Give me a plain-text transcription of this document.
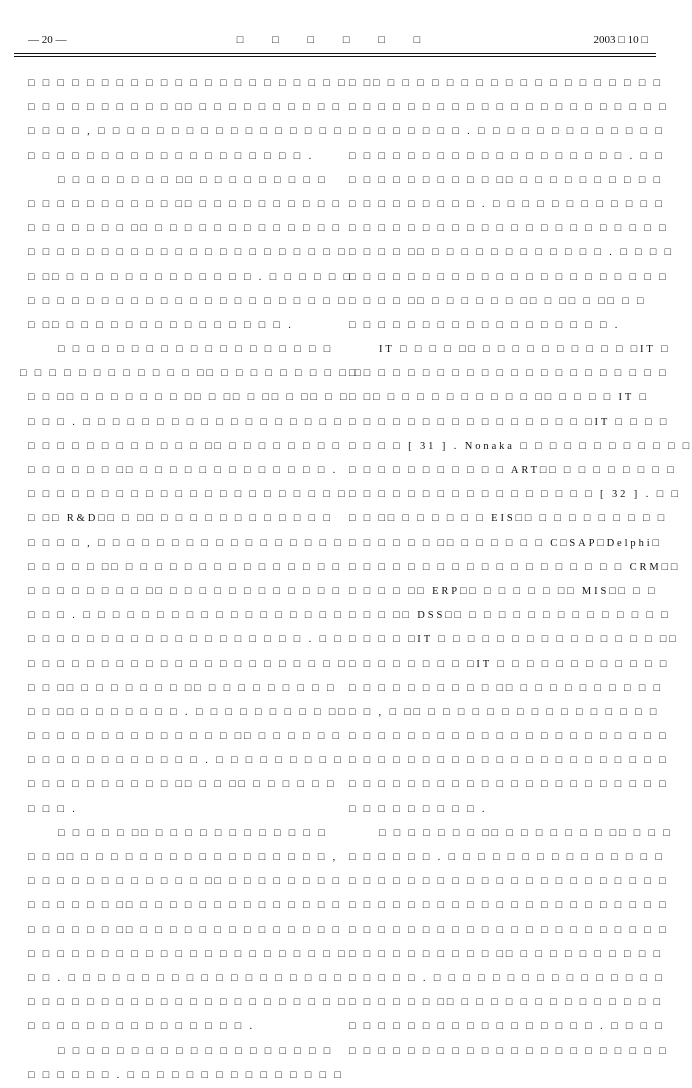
— 20 —	□ □ □ □ □ □	2003 □ 10 □
□ □ □ □ □ □ □ □ □ □ □ □ □ □ □ □ □ □ □ □ □ □
□ □ □ □ □ □ □ □ □ □ □□ □ □ □ □ □ □ □ □ □ □
□ □ □ □ , □ □ □ □ □ □ □ □ □ □ □ □ □ □ □ □ □
□ □ □ □ □ □ □ □ □ □ □ □ □ □ □ □ □ □ □ .
□ □ □ □ □ □ □ □ □□ □ □ □ □ □ □ □ □ □
□ □ □ □ □ □ □ □ □ □ □□ □ □ □ □ □ □ □ □ □ □
□ □ □ □ □ □ □ □□ □ □ □ □ □ □ □ □ □ □ □ □ □
□ □ □ □ □ □ □ □ □ □ □ □ □ □ □ □ □ □ □ □ □ □
□ □□ □ □ □ □ □ □ □ □ □ □ □ □ □ . □ □ □ □ □ □
□ □ □ □ □ □ □ □ □ □ □ □ □ □ □ □ □ □ □ □ □ □
□ □□ □ □ □ □ □ □ □ □ □ □ □ □ □ □ □ .
□ □ □ □ □ □ □ □ □ □ □ □ □ □ □ □ □ □ □
□ □ □ □ □ □ □ □ □ □ □ □ □□ □ □ □ □ □ □ □ □ □ □
□ □ □□ □ □ □ □ □ □ □ □□ □ □□ □ □□ □ □□ □ □
□ □ □ . □ □ □ □ □ □ □ □ □ □ □ □ □ □ □ □ □ □
□ □ □ □ □ □ □ □ □ □ □ □ □□ □ □ □ □ □ □ □ □
□ □ □ □ □ □ □□ □ □ □ □ □ □ □ □ □ □ □ □ □ .
□ □ □ □ □ □ □ □ □ □ □ □ □ □ □ □ □ □ □ □ □ □
□ □□ R&D□□ □ □□ □ □ □ □ □ □ □ □ □ □ □ □
□ □ □ □ , □ □ □ □ □ □ □ □ □ □ □ □ □ □ □ □ □
□ □ □ □ □ □□ □ □ □ □ □ □ □ □ □ □ □ □ □ □ □
□ □ □ □ □ □ □ □ □□ □ □ □ □ □ □ □ □ □ □ □ □
□ □ □ . □ □ □ □ □ □ □ □ □ □ □ □ □ □ □ □ □ □
□ □ □ □ □ □ □ □ □ □ □ □ □ □ □ □ □ □ □ . □ □
□ □ □ □ □ □ □ □ □ □ □ □ □ □ □ □ □ □ □ □ □ □
□ □ □□ □ □ □ □ □ □ □ □□ □ □ □ □ □ □ □ □ □
□ □ □□ □ □ □ □ □ □ □ . □ □ □ □ □ □ □ □ □ □□
□ □ □ □ □ □ □ □ □ □ □ □ □ □ □□ □ □ □ □ □ □
□ □ □ □ □ □ □ □ □ □ □ □ . □ □ □ □ □ □ □ □ □
□ □ □ □ □ □ □ □ □ □ □□ □ □ □□ □ □ □ □ □ □
□ □ □ .
□ □ □ □ □ □□ □ □ □ □ □ □ □ □ □ □ □ □
□ □ □□ □ □ □ □ □ □ □ □ □ □ □ □ □ □ □ □ □ ,
□ □ □ □ □ □ □ □ □ □ □ □ □□ □ □ □ □ □ □ □ □
□ □ □ □ □ □ □□ □ □ □ □ □ □ □ □ □ □ □ □ □ □
□ □ □ □ □ □ □□ □ □ □ □ □ □ □ □ □ □ □ □ □ □
□ □ □ □ □ □ □ □ □ □ □ □ □ □ □ □ □ □ □ □ □ □
□ □ . □ □ □ □ □ □ □ □ □ □ □ □ □ □ □ □ □ □ □
□ □ □ □ □ □ □ □ □ □ □ □ □ □ □ □ □ □ □ □ □ □
□ □ □ □ □ □ □ □ □ □ □ □ □ □ □ .
□ □ □ □ □ □ □ □ □ □ □ □ □ □ □ □ □ □ □
□ □ □ □ □ □ . □ □ □ □ □ □ □ □ □ □ □ □ □ □ □
□ □□ □ □ □ □ □ □ □ □ □ □ □ □ □ □ □ □ □ □ □
□ □ □ □ □ □ □ □ □ □ □ □ □ □ □ □ □ □ □ □ □ □
□ □ □ □ □ □ □ □ . □ □ □ □ □ □ □ □ □ □ □ □ □
□ □ □ □ □ □ □ □ □ □ □ □ □ □ □ □ □ □ □ . □ □
□ □ □ □ □ □ □ □ □ □ □□ □ □ □ □ □ □ □ □ □ □
□ □ □ □ □ □ □ □ □ . □ □ □ □ □ □ □ □ □ □ □ □
□ □ □ □ □ □ □ □ □ □ □ □ □ □ □ □ □ □ □ □ □ □
□ □ □ □ □□ □ □ □ □ □ □ □ □ □ □ □ □ . □ □ □ □
□ □ □ □ □ □ □ □ □ □ □ □ □ □ □ □ □ □ □ □ □ □
□ □ □ □ □□ □ □ □ □ □ □ □□ □ □□ □ □□ □ □
□ □ □ □ □ □ □ □ □ □ □ □ □ □ □ □ □ □ .
IT □ □ □ □ □□ □ □ □ □ □ □ □ □ □ □ □IT □
□ □ □ □ □ □ □ □ □ □ □ □ □ □ □ □ □ □ □ □ □ □
□ □□ □ □ □ □ □ □ □ □ □ □ □□ □ □ □ □ IT □
□ □ □ □ □ □ □ □ □ □ □ □ □ □ □ □ □IT □ □ □ □
□ □ □ □ [ 31 ] . Nonaka □ □ □ □ □ □ □ □ □ □ □ □
□ □ □ □ □ □ □ □ □ □ □ ART□□ □ □ □ □ □ □ □ □
□ □ □ □ □ □ □ □ □ □ □ □ □ □ □ □ □ [ 32 ] . □ □
□ □ □□ □ □ □ □ □ □ EIS□□ □ □ □ □ □ □ □ □ □
□ □ □ □ □ □ □□ □ □ □ □ □ □ C□SAP□Delphi□
□ □ □ □ □ □ □ □ □ □ □ □ □ □ □ □ □ □ □ CRM□□
□ □ □ □ □□ ERP□□ □ □ □ □ □ □□ MIS□□ □ □
□ □ □ □□ DSS□□ □ □ □ □ □ □ □ □ □ □ □ □ □ □
□ □ □ □ □IT □ □ □ □ □ □ □ □ □ □ □ □ □ □ □ □□
□ □ □ □ □ □ □ □ □IT □ □ □ □ □ □ □ □ □ □ □ □
□ □ □ □ □ □ □ □ □ □ □□ □ □ □ □ □ □ □ □ □ □
□ □ , □ □□ □ □ □ □ □ □ □ □ □ □ □ □ □ □ □ □
□ □ □ □ □ □ □ □ □ □ □ □ □ □ □ □ □ □ □ □ □ □
□ □ □ □ □ □ □ □ □ □ □ □ □ □ □ □ □ □ □ □ □ □
□ □ □ □ □ □ □ □ □ □ □ □ □ □ □ □ □ □ □ □ □ □
□ □ □ □ □ □ □ □ □ .
□ □ □ □ □ □ □ □□ □ □ □ □ □ □ □ □□ □ □ □
□ □ □ □ □ □ . □ □ □ □ □ □ □ □ □ □ □ □ □ □ □
□ □ □ □ □ □ □ □ □ □ □ □ □ □ □ □ □ □ □ □ □ □
□ □ □ □ □ □ □ □ □ □ □ □ □ □ □ □ □ □ □ □ □ □
□ □ □ □ □ □ □ □ □ □ □ □ □ □ □ □ □ □ □ □ □ □
□ □ □ □ □ □ □ □ □ □ □□ □ □ □ □ □ □ □ □ □ □
□ □ □ □ □ . □ □ □ □ □ □ □ □ □ □ □ □ □ □ □ □
□ □ □ □ □ □ □□ □ □ □ □ □ □ □ □ □ □ □ □ □ □
□ □ □ □ □ □ □ □ □ □ □ □ □ □ □ □ □ . □ □ □ □
□ □ □ □ □ □ □ □ □ □ □ □ □ □ □ □ □ □ □ □ □ □
